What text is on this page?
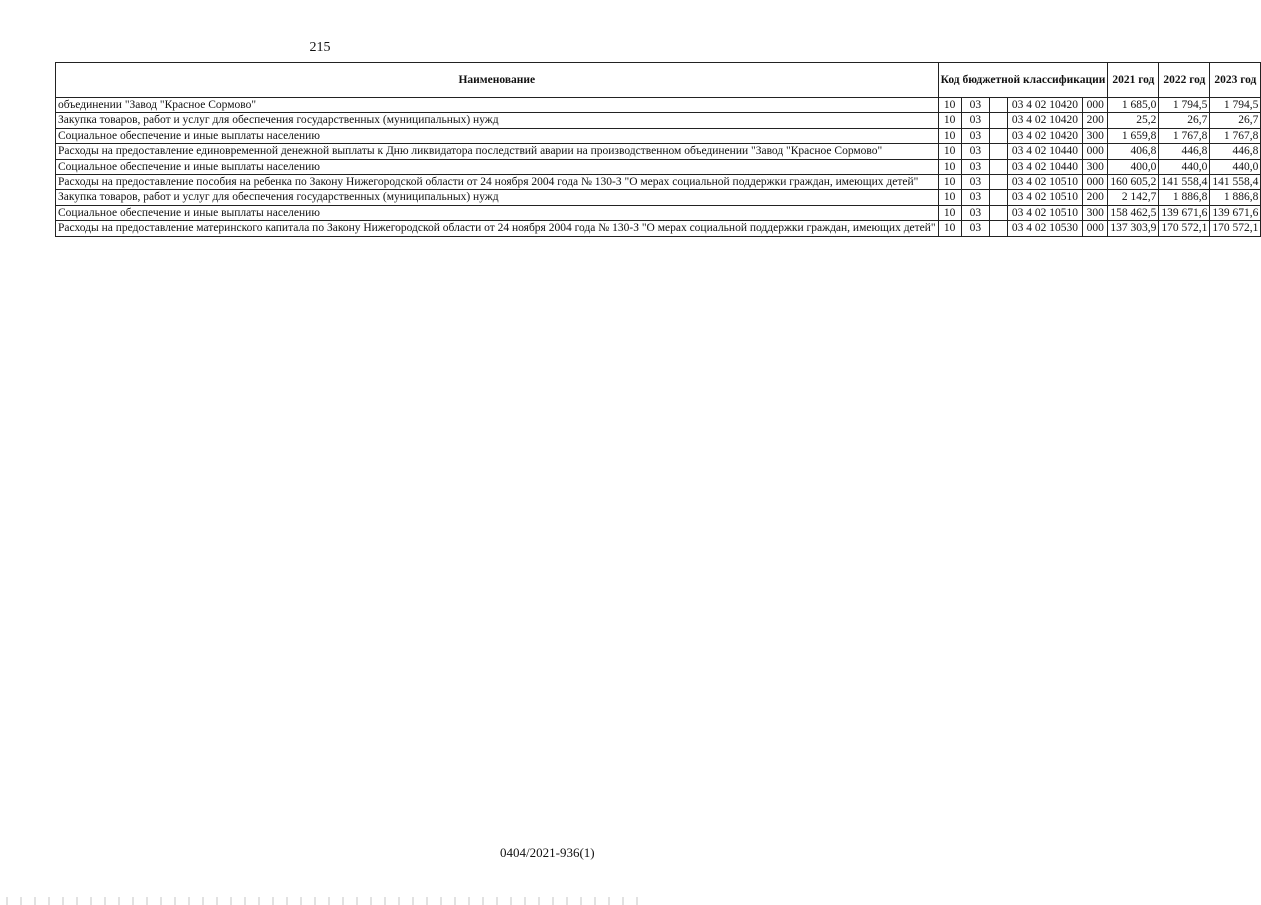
215
Наименование	Код бюджетной классификации					2021 год	2022 год	2023 год
объединении "Завод "Красное Сормово"	10	03		03 4 02 10420	000	1 685,0	1 794,5	1 794,5
Закупка товаров, работ и услуг для обеспечения государственных (муниципальных) нужд	10	03		03 4 02 10420	200	25,2	26,7	26,7
Социальное обеспечение и иные выплаты населению	10	03		03 4 02 10420	300	1 659,8	1 767,8	1 767,8
Расходы на предоставление единовременной денежной выплаты к Дню ликвидатора последствий аварии на производственном объединении "Завод "Красное Сормово"	10	03		03 4 02 10440	000	406,8	446,8	446,8
Социальное обеспечение и иные выплаты населению	10	03		03 4 02 10440	300	400,0	440,0	440,0
Расходы на предоставление пособия на ребенка по Закону Нижегородской области от 24 ноября 2004 года № 130-З "О мерах социальной поддержки граждан, имеющих детей"	10	03		03 4 02 10510	000	160 605,2	141 558,4	141 558,4
Закупка товаров, работ и услуг для обеспечения государственных (муниципальных) нужд	10	03		03 4 02 10510	200	2 142,7	1 886,8	1 886,8
Социальное обеспечение и иные выплаты населению	10	03		03 4 02 10510	300	158 462,5	139 671,6	139 671,6
Расходы на предоставление материнского капитала по Закону Нижегородской области от 24 ноября 2004 года № 130-З "О мерах социальной поддержки граждан, имеющих детей"	10	03		03 4 02 10530	000	137 303,9	170 572,1	170 572,1
0404/2021-936(1)
